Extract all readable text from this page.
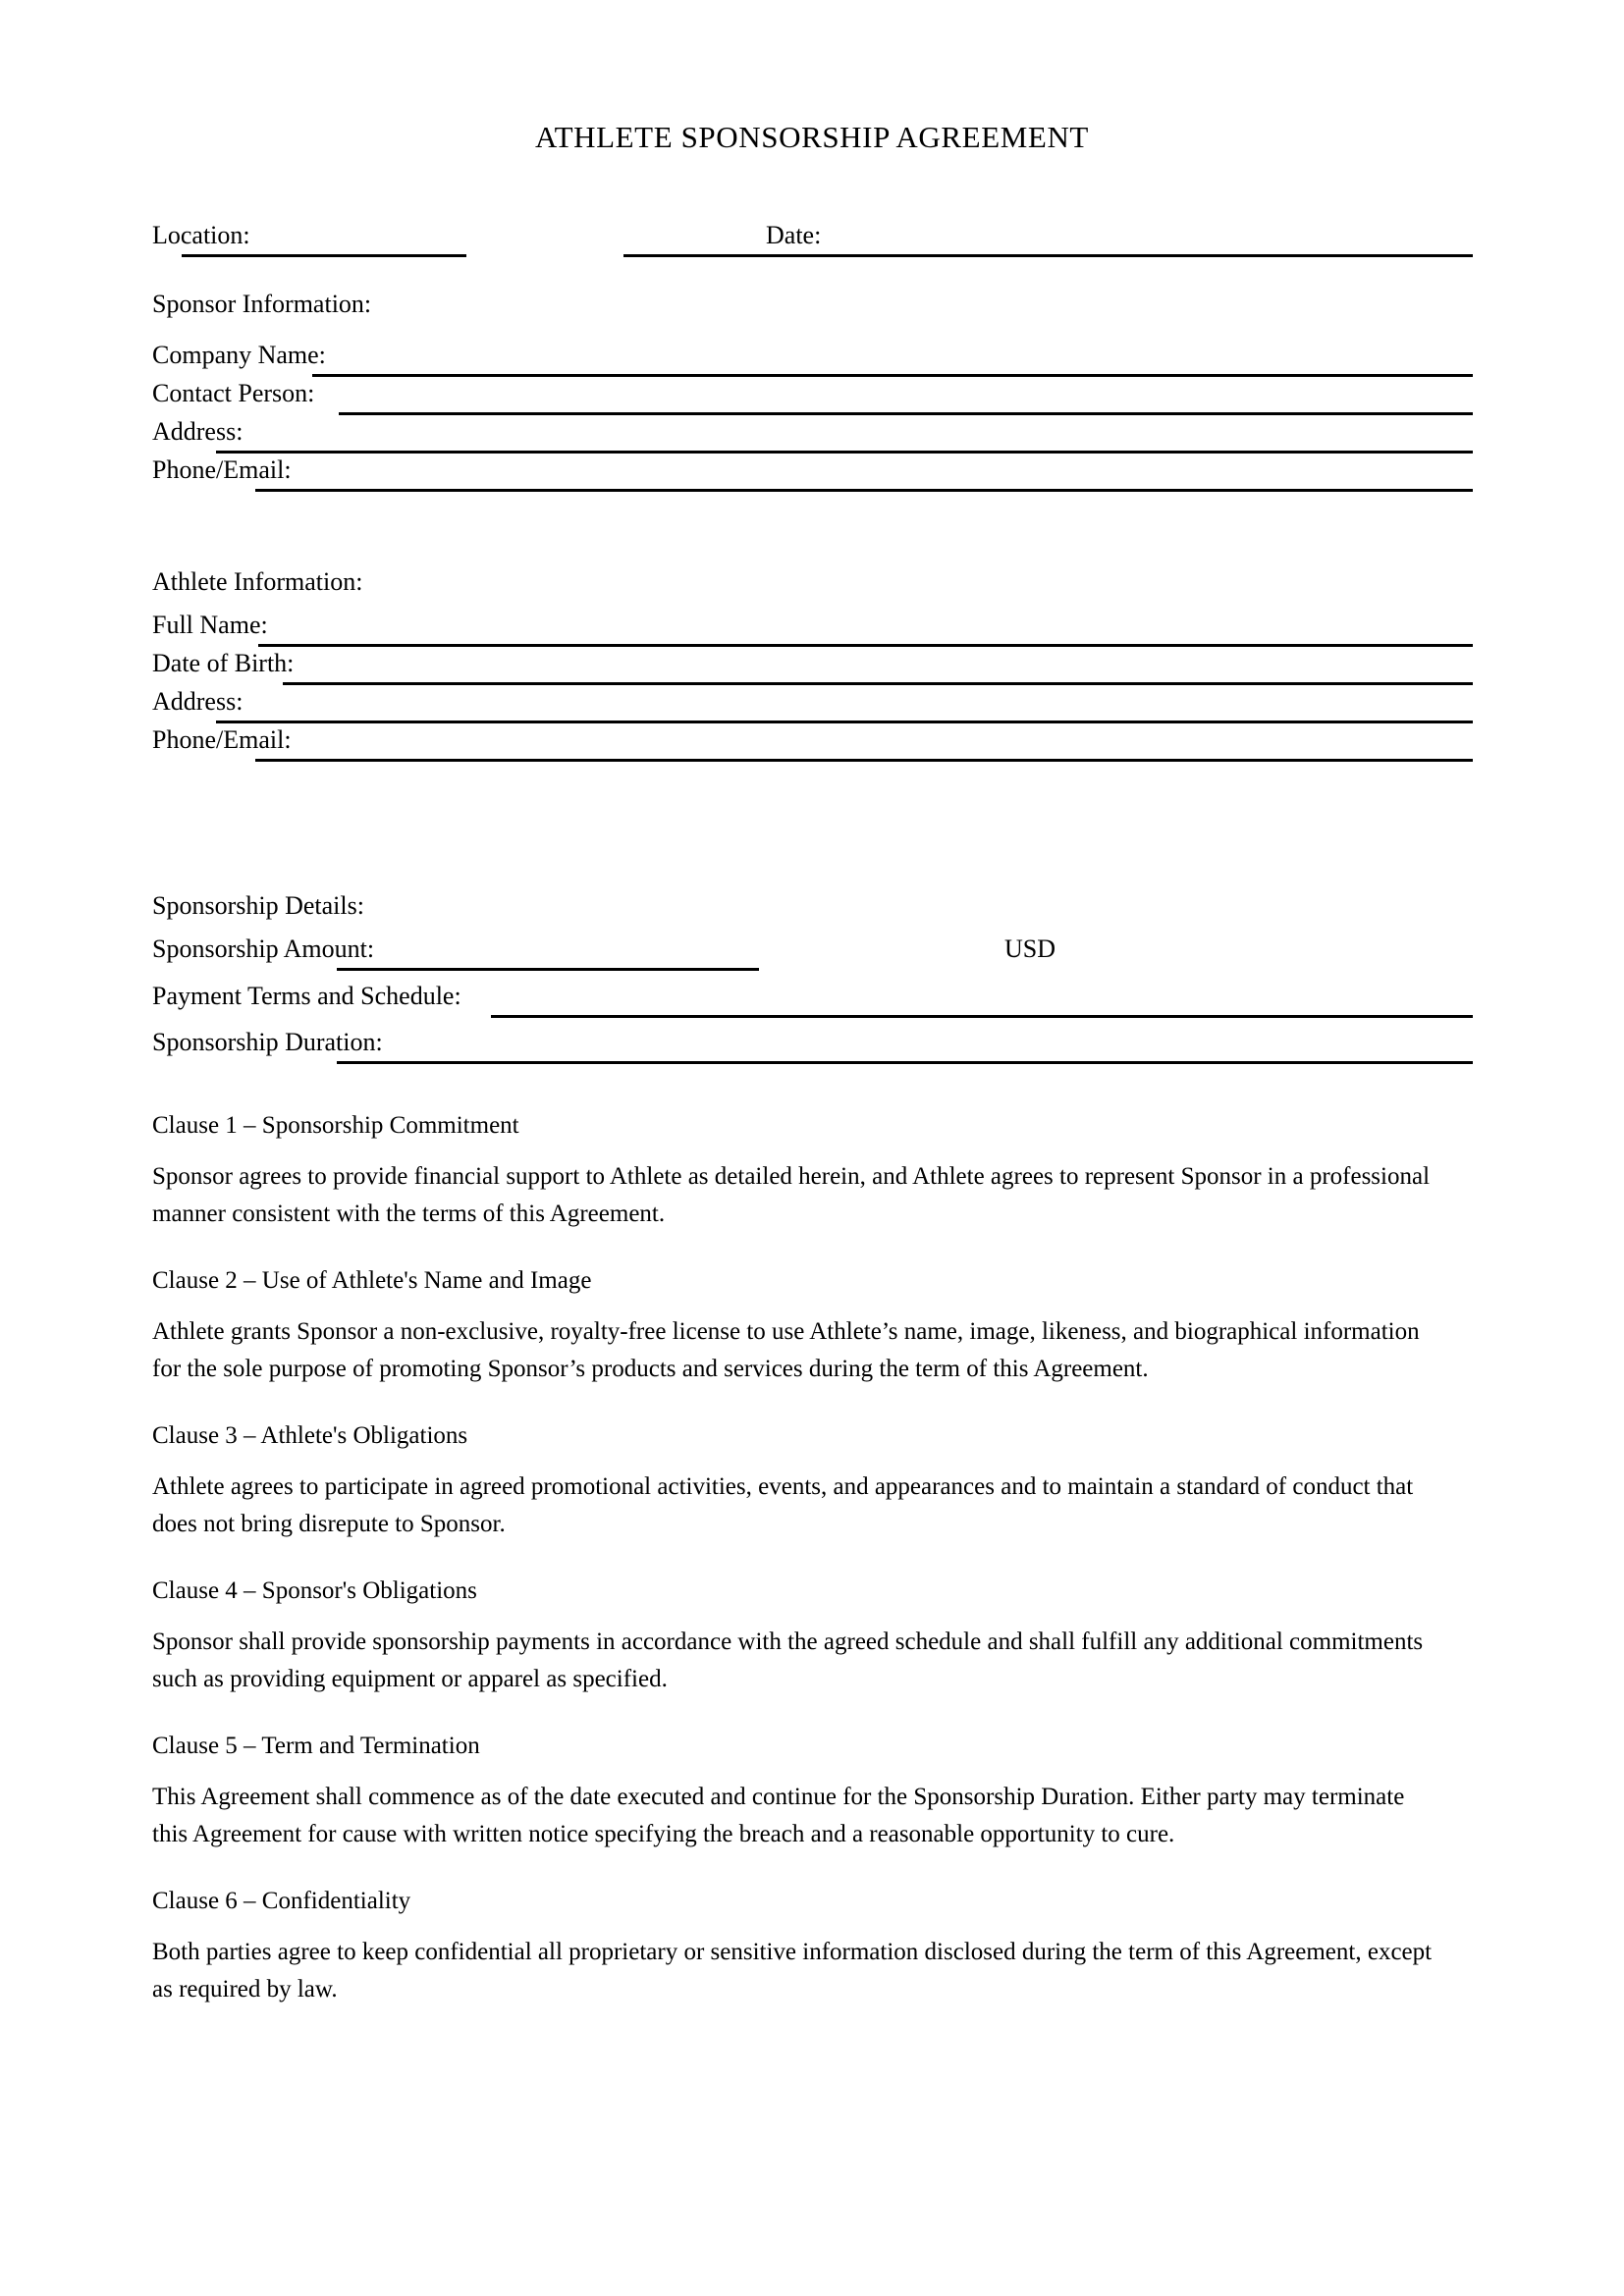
ATHLETE SPONSORSHIP AGREEMENT
Location:	Date:
Sponsor Information:
Company Name:
Contact Person:
Address:
Phone/Email:
Athlete Information:
Full Name:
Date of Birth:
Address:
Phone/Email:
Sponsorship Details:
Sponsorship Amount:	USD
Payment Terms and Schedule:
Sponsorship Duration:

Clause 1 – Sponsorship Commitment

Sponsor agrees to provide financial support to Athlete as detailed herein, and Athlete agrees to represent Sponsor in a professional manner consistent with the terms of this Agreement.

Clause 2 – Use of Athlete's Name and Image

Athlete grants Sponsor a non-exclusive, royalty-free license to use Athlete’s name, image, likeness, and biographical information for the sole purpose of promoting Sponsor’s products and services during the term of this Agreement.

Clause 3 – Athlete's Obligations

Athlete agrees to participate in agreed promotional activities, events, and appearances and to maintain a standard of conduct that does not bring disrepute to Sponsor.

Clause 4 – Sponsor's Obligations

Sponsor shall provide sponsorship payments in accordance with the agreed schedule and shall fulfill any additional commitments such as providing equipment or apparel as specified.

Clause 5 – Term and Termination

This Agreement shall commence as of the date executed and continue for the Sponsorship Duration. Either party may terminate this Agreement for cause with written notice specifying the breach and a reasonable opportunity to cure.

Clause 6 – Confidentiality

Both parties agree to keep confidential all proprietary or sensitive information disclosed during the term of this Agreement, except as required by law.
